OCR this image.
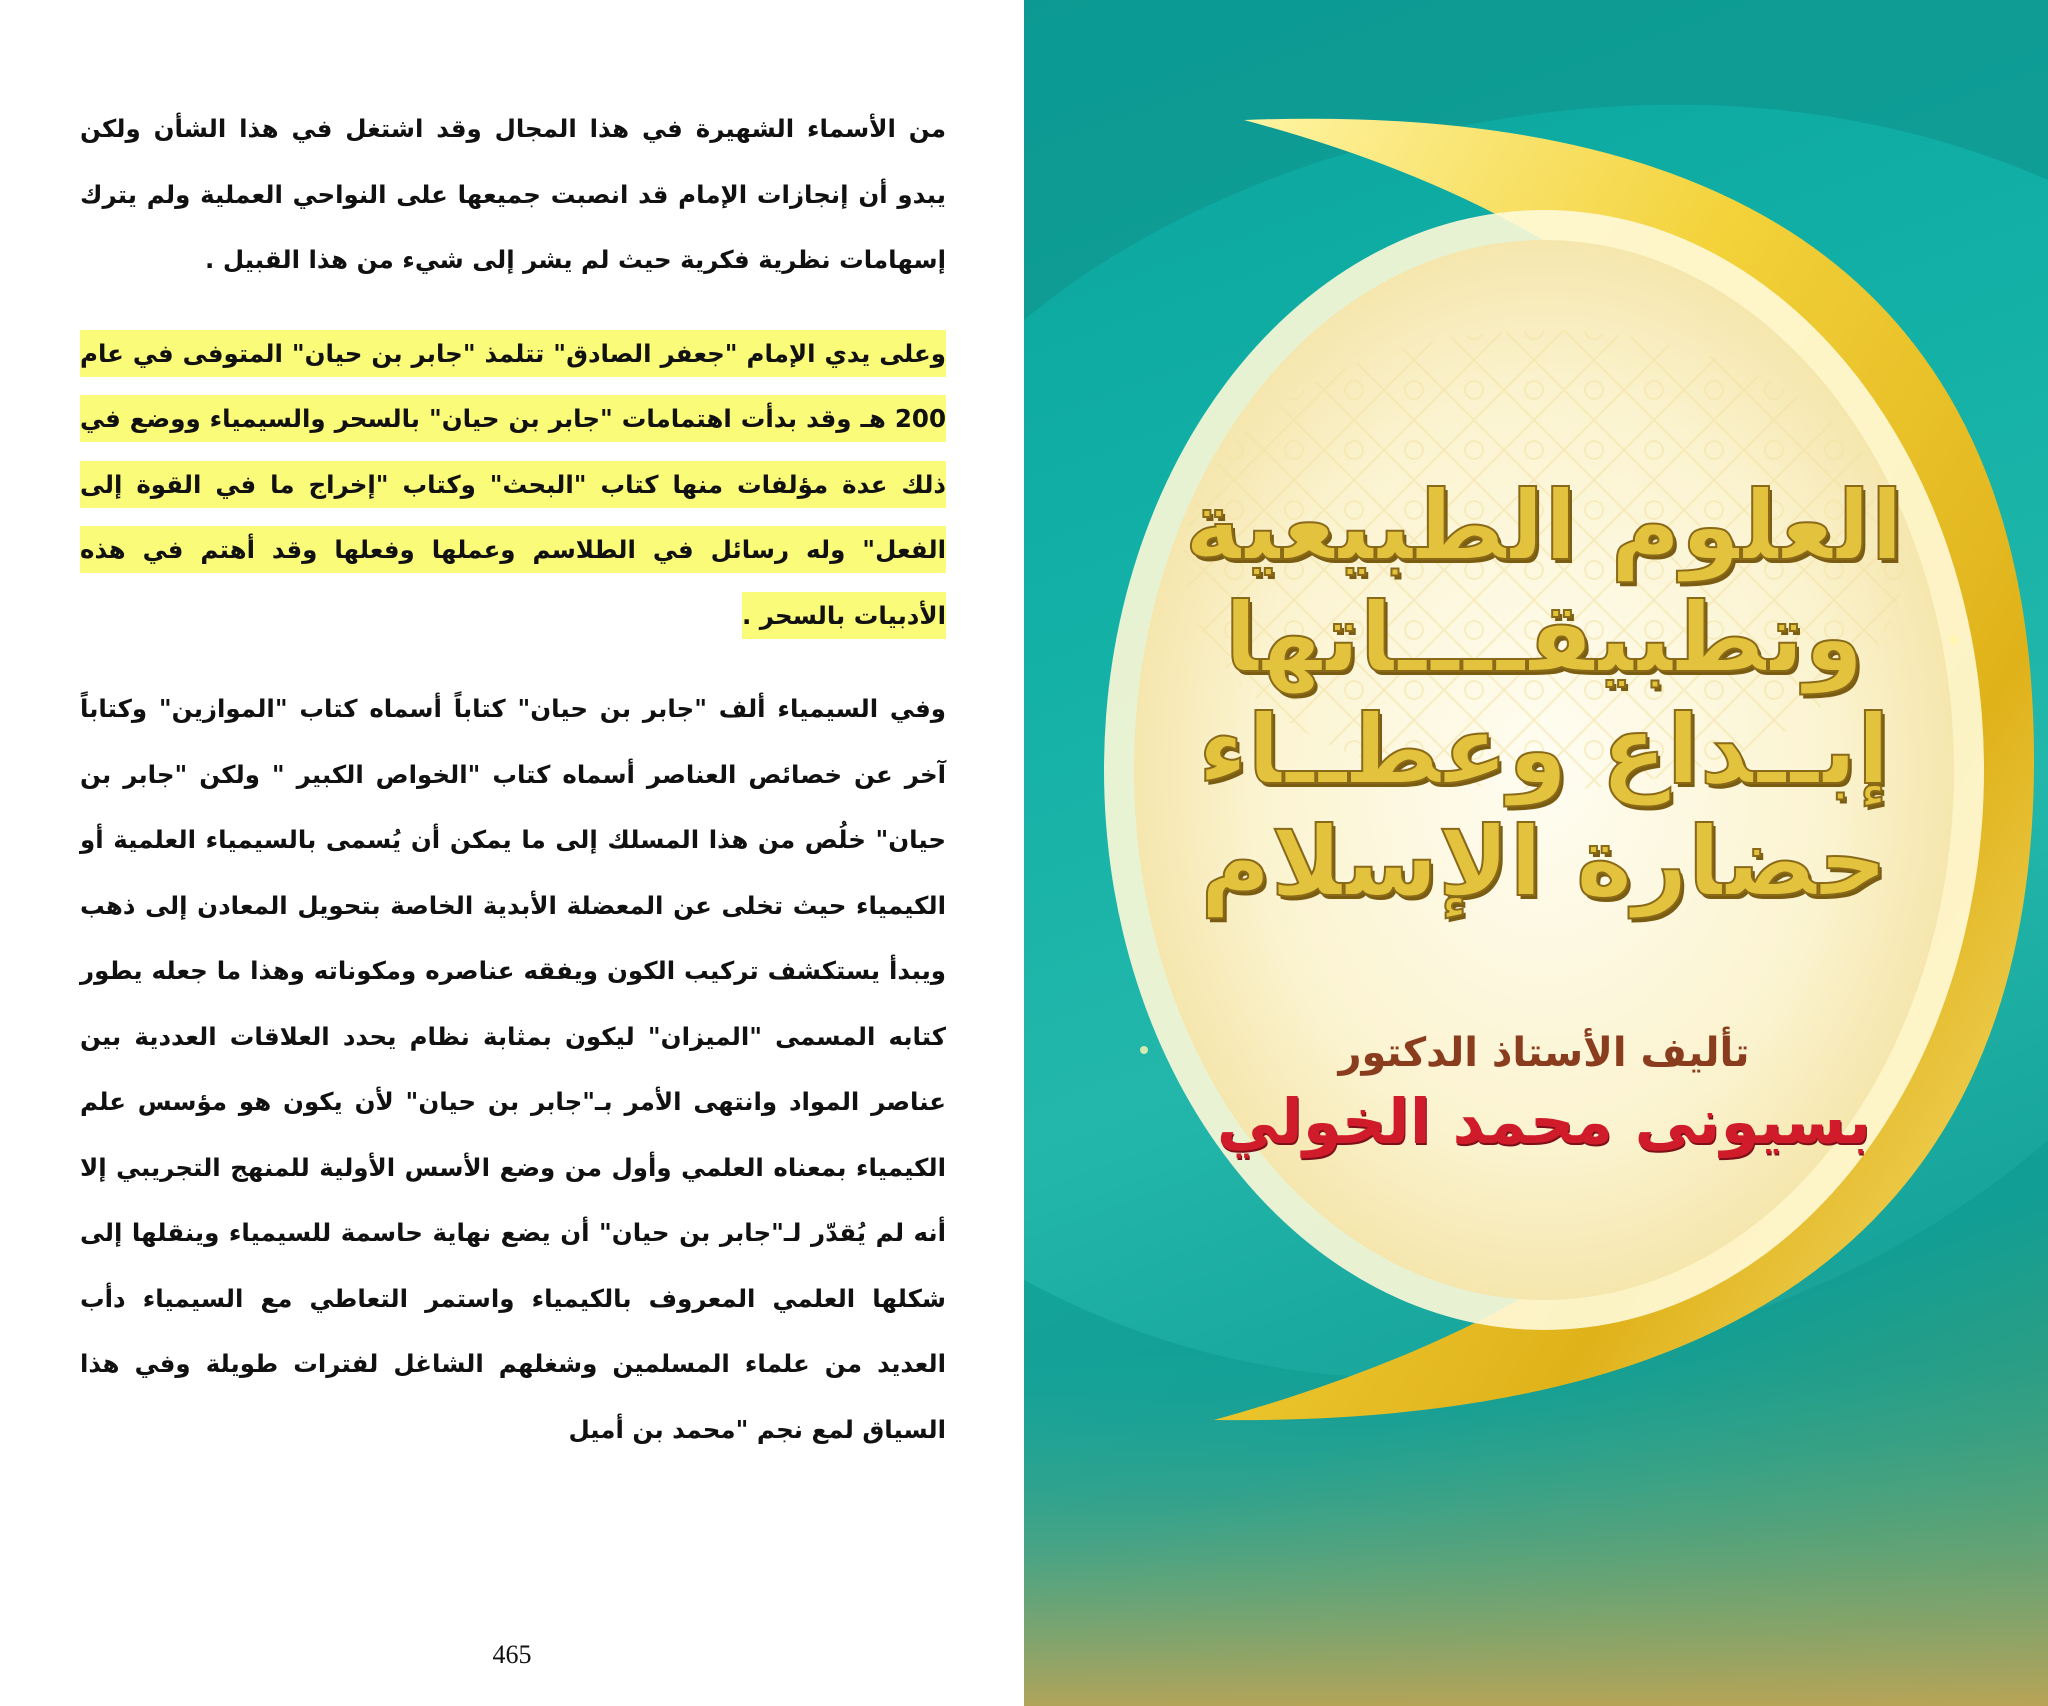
من الأسماء الشهيرة في هذا المجال وقد اشتغل في هذا الشأن ولكن يبدو أن إنجازات الإمام قد انصبت جميعها على النواحي العملية ولم يترك إسهامات نظرية فكرية حيث لم يشر إلى شيء من هذا القبيل .

وعلى يدي الإمام "جعفر الصادق" تتلمذ "جابر بن حيان" المتوفى في عام 200 هـ وقد بدأت اهتمامات "جابر بن حيان" بالسحر والسيمياء ووضع في ذلك عدة مؤلفات منها كتاب "البحث" وكتاب "إخراج ما في القوة إلى الفعل" وله رسائل في الطلاسم وعملها وفعلها وقد أهتم في هذه الأدبيات بالسحر .

وفي السيمياء ألف "جابر بن حيان" كتاباً أسماه كتاب "الموازين" وكتاباً آخر عن خصائص العناصر أسماه كتاب "الخواص الكبير " ولكن "جابر بن حيان" خلُص من هذا المسلك إلى ما يمكن أن يُسمى بالسيمياء العلمية أو الكيمياء حيث تخلى عن المعضلة الأبدية الخاصة بتحويل المعادن إلى ذهب ويبدأ يستكشف تركيب الكون ويفقه عناصره ومكوناته وهذا ما جعله يطور كتابه المسمى "الميزان" ليكون بمثابة نظام يحدد العلاقات العددية بين عناصر المواد وانتهى الأمر بـ"جابر بن حيان" لأن يكون هو مؤسس علم الكيمياء بمعناه العلمي وأول من وضع الأسس الأولية للمنهج التجريبي إلا أنه لم يُقدّر لـ"جابر بن حيان" أن يضع نهاية حاسمة للسيمياء وينقلها إلى شكلها العلمي المعروف بالكيمياء واستمر التعاطي مع السيمياء دأب العديد من علماء المسلمين وشغلهم الشاغل لفترات طويلة وفي هذا السياق لمع نجم "محمد بن أميل

465
العلوم الطبيعية
وتطبيقــــاتها
إبــداع وعطــاء
حضارة الإسلام
تأليف الأستاذ الدكتور
بسيونى محمد الخولي
